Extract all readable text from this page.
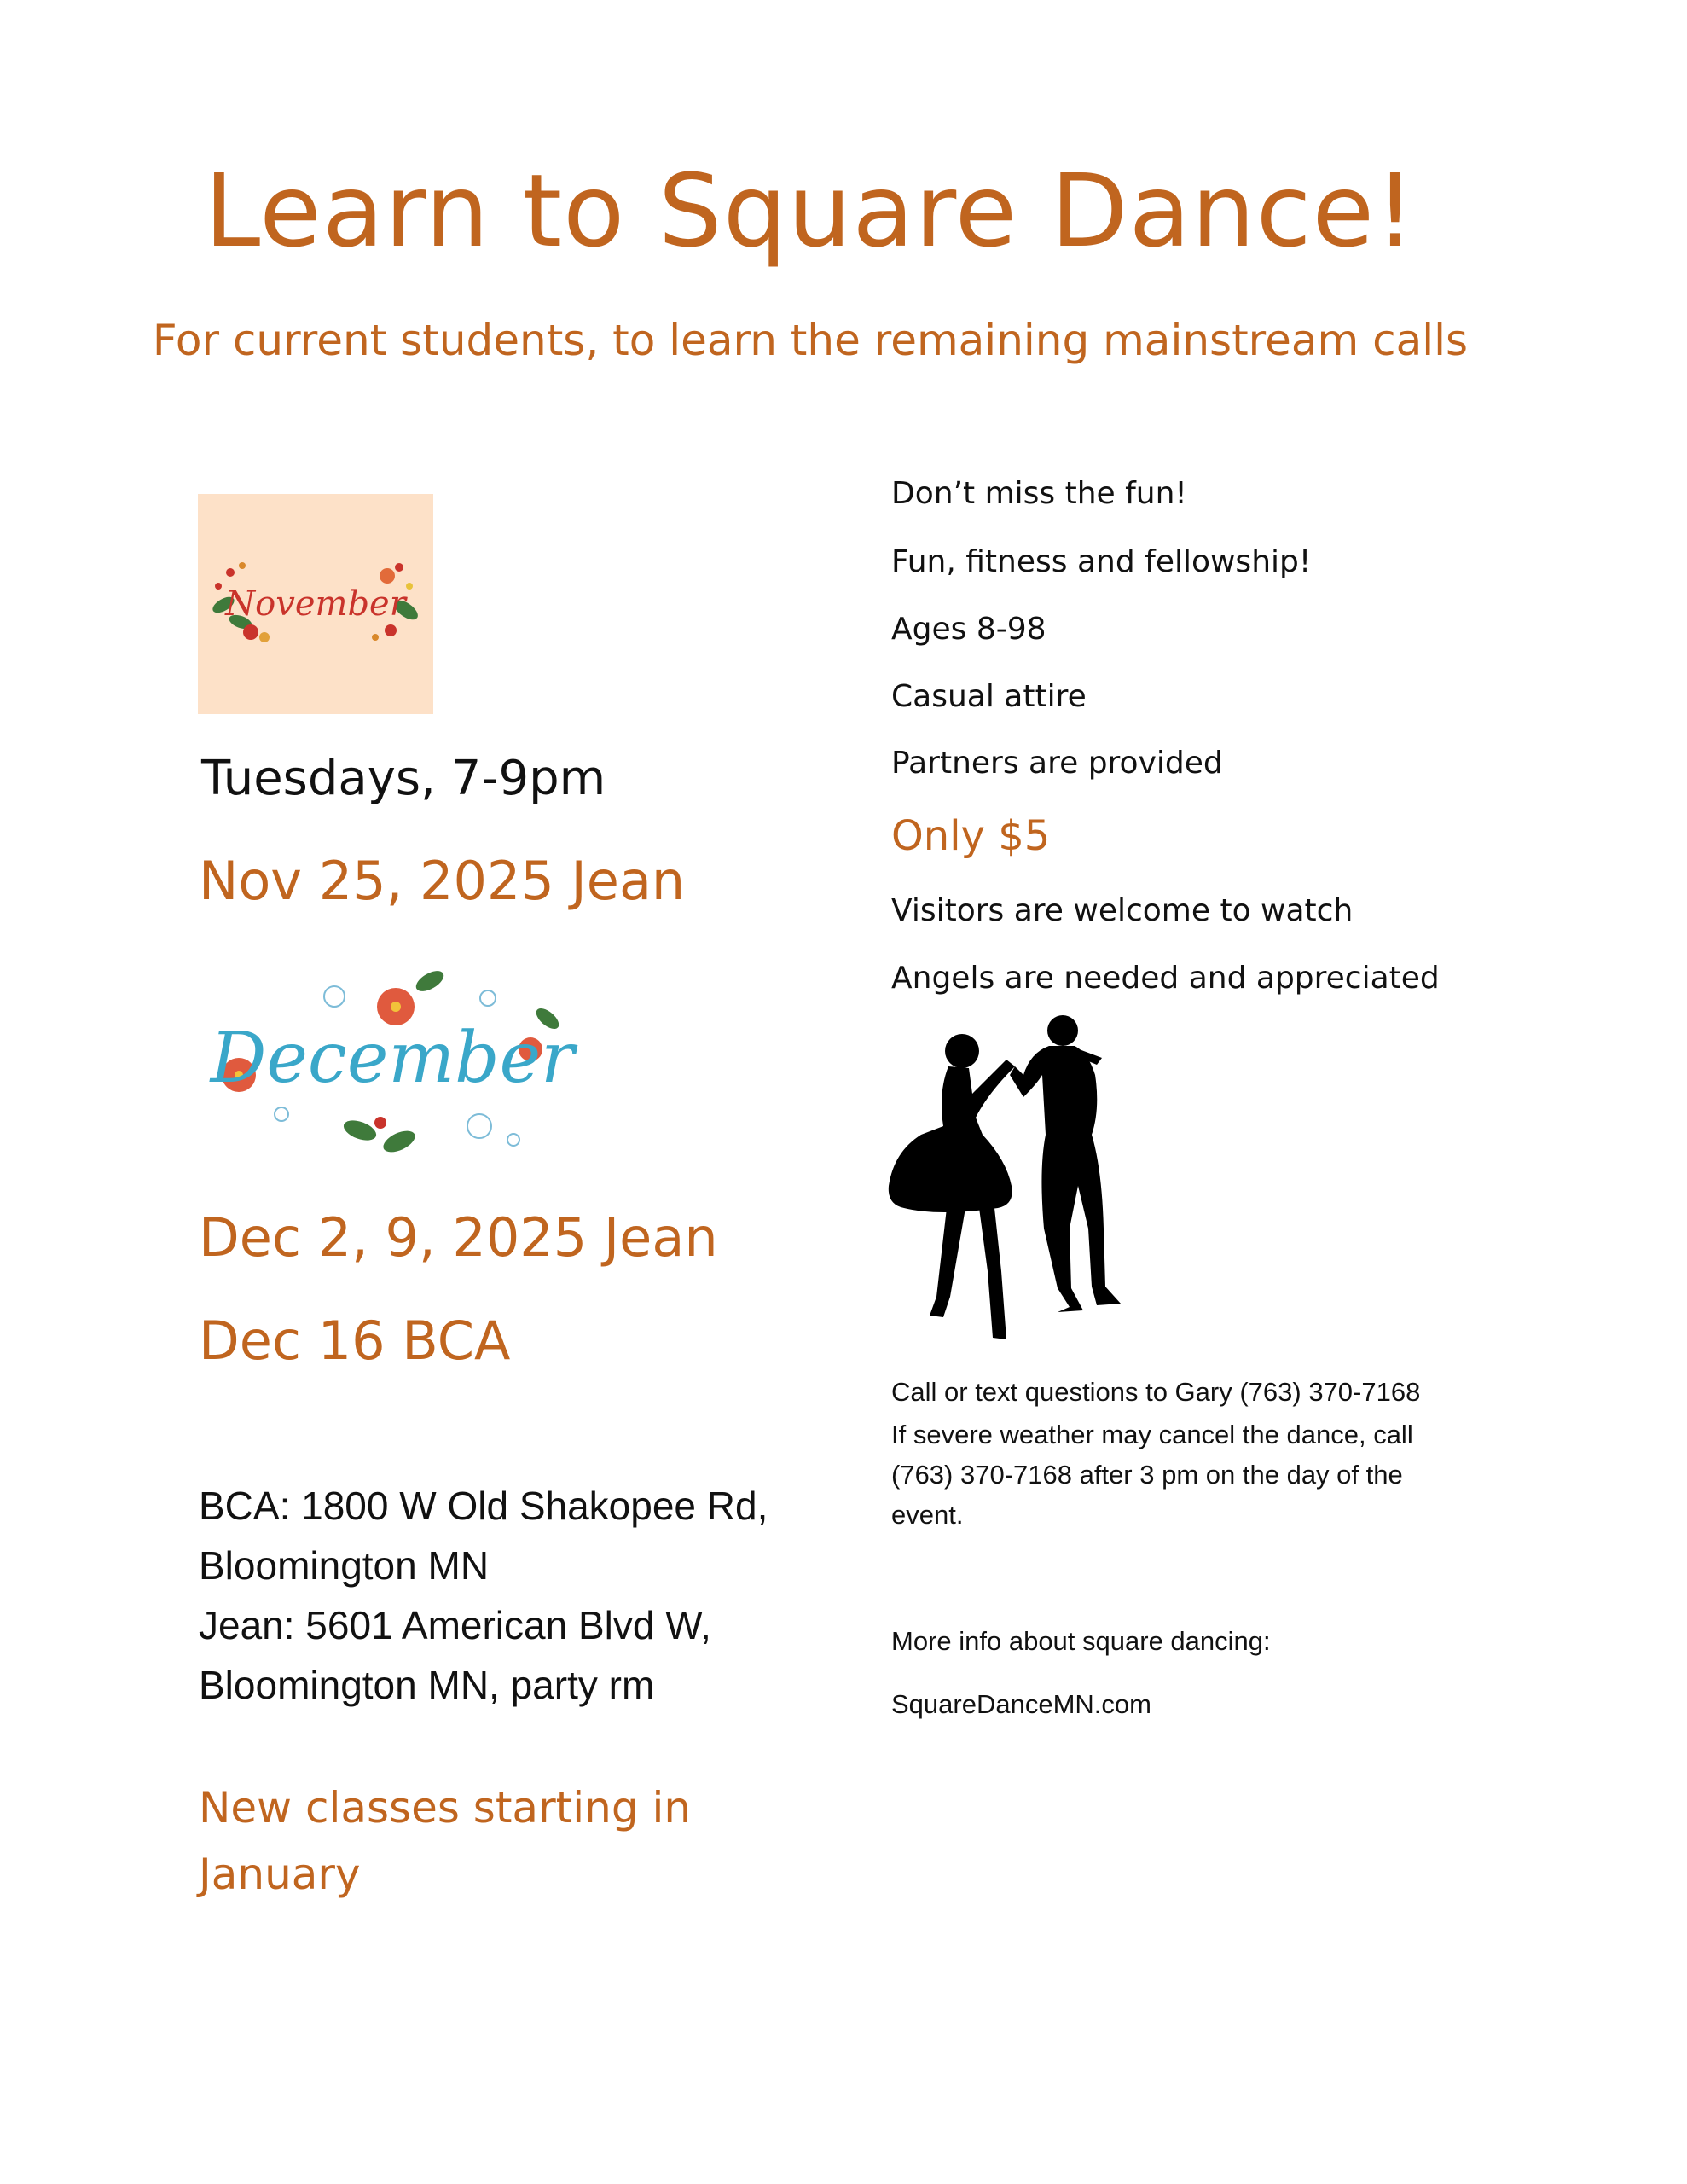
Learn to Square Dance!
For current students, to learn the remaining mainstream calls
November
Tuesdays, 7-9pm
Nov 25, 2025 Jean
December
Dec 2, 9, 2025 Jean
Dec 16 BCA
BCA: 1800 W Old Shakopee Rd,
Bloomington MN
Jean: 5601 American Blvd W,
Bloomington MN, party rm
New classes starting in January
Don’t miss the fun!
Fun, fitness and fellowship!
Ages 8-98
Casual attire
Partners are provided
Only $5
Visitors are welcome to watch
Angels are needed and appreciated
Call or text questions to Gary (763) 370-7168
If severe weather may cancel the dance, call (763) 370-7168 after 3 pm on the day of the event.
More info about square dancing:
SquareDanceMN.com
